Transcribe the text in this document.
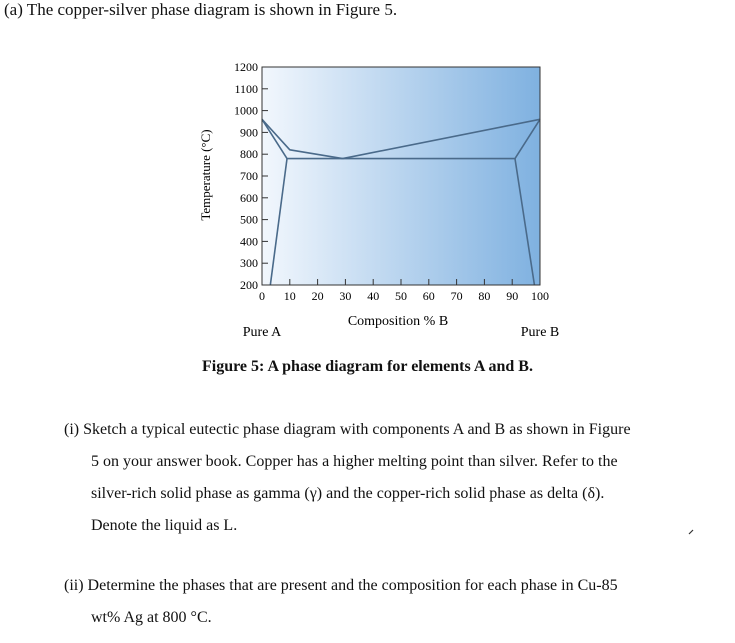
(a) The copper-silver phase diagram is shown in Figure 5.
1200
1100
1000
900
800
700
600
500
400
300
200
0 10 20 30 40 50 60 70 80 90 100
Temperature (°C)
Composition % B
Pure A	Pure B
Figure 5: A phase diagram for elements A and B.
(i) Sketch a typical eutectic phase diagram with components A and B as shown in Figure
5 on your answer book. Copper has a higher melting point than silver. Refer to the
silver-rich solid phase as gamma (γ) and the copper-rich solid phase as delta (δ).
Denote the liquid as L.
(ii) Determine the phases that are present and the composition for each phase in Cu-85
wt% Ag at 800 °C.
